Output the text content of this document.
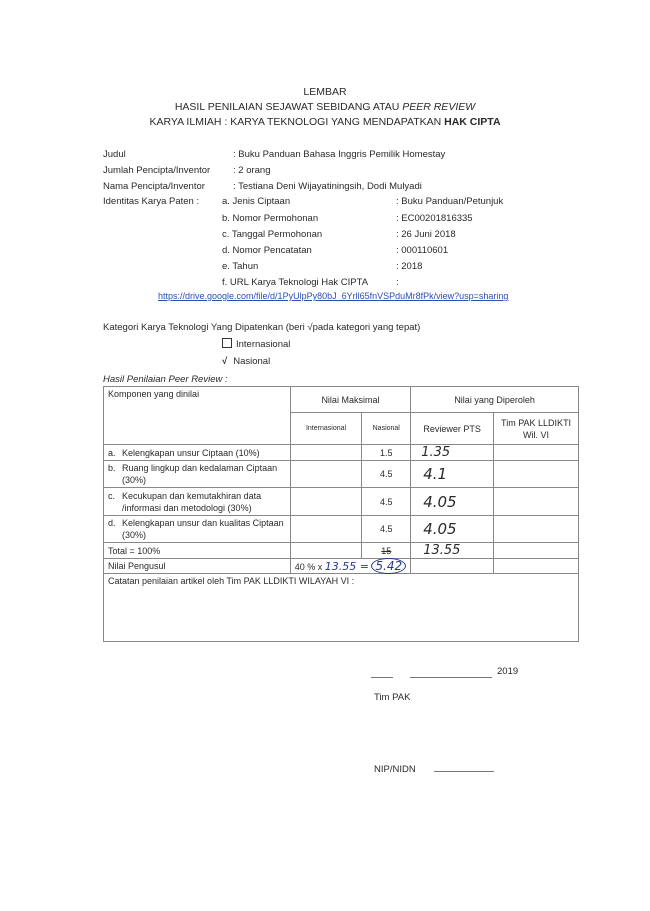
LEMBAR
HASIL PENILAIAN SEJAWAT SEBIDANG ATAU PEER REVIEW
KARYA ILMIAH : KARYA TEKNOLOGI YANG MENDAPATKAN HAK CIPTA
Judul	: Buku Panduan Bahasa Inggris Pemilik Homestay
Jumlah Pencipta/Inventor : 2 orang
Nama Pencipta/Inventor	: Testiana Deni Wijayatiningsih, Dodi Mulyadi
Identitas Karya Paten : a. Jenis Ciptaan	: Buku Panduan/Petunjuk
b. Nomor Permohonan	: EC00201816335
c. Tanggal Permohonan	: 26 Juni 2018
d. Nomor Pencatatan	: 000110601
e. Tahun	: 2018
f. URL Karya Teknologi Hak CIPTA	:
https://drive.google.com/file/d/1PyUlpPy80bJ_6Yrll65fnVSPduMr8fPk/view?usp=sharing
Kategori Karya Teknologi Yang Dipatenkan (beri √pada kategori yang tepat)
Internasional
√ Nasional
Hasil Penilaian Peer Review :
Komponen yang dinilai	Nilai Maksimal		Nilai yang Diperoleh	
	Internasional	Nasional	Reviewer PTS	Tim PAK LLDIKTI Wil. VI
a. Kelengkapan unsur Ciptaan (10%)		1.5	1.35	
b. Ruang lingkup dan kedalaman Ciptaan (30%)		4.5	4.1	
c. Kecukupan dan kemutakhiran data /informasi dan metodologi (30%)		4.5	4.05	
d. Kelengkapan unsur dan kualitas Ciptaan (30%)		4.5	4.05	
Total = 100%		15	13.55	
Nilai Pengusul	40 % x 13.55 = 5.42			
Catatan penilaian artikel oleh Tim PAK LLDIKTI WILAYAH VI :				
2019
Tim PAK
NIP/NIDN
